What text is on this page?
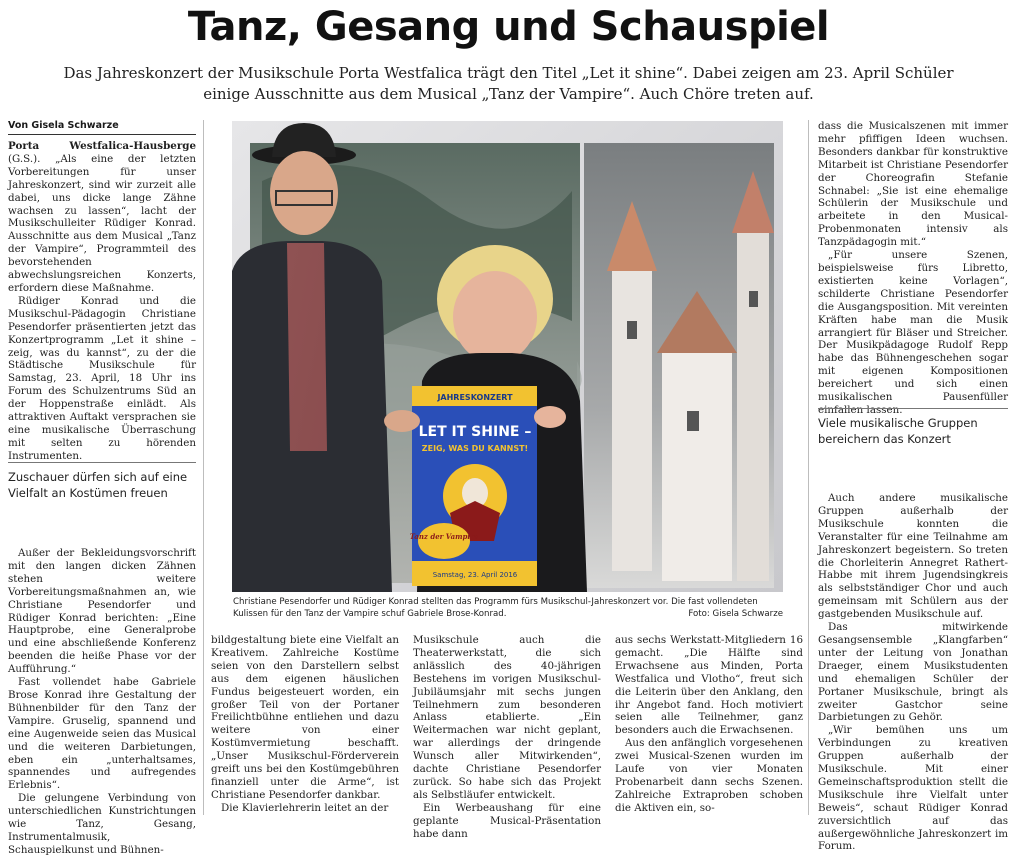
Tanz, Gesang und Schauspiel

Das Jahreskonzert der Musikschule Porta Westfalica trägt den Titel „Let it shine“. Dabei zeigen am 23. April Schüler einige Ausschnitte aus dem Musical „Tanz der Vampire“. Auch Chöre treten auf.

Von Gisela Schwarze

Porta Westfalica-Hausberge (G.S.). „Als eine der letzten Vorbereitungen für unser Jahreskonzert, sind wir zurzeit alle dabei, uns dicke lange Zähne wachsen zu lassen“, lacht der Musikschulleiter Rüdiger Konrad. Ausschnitte aus dem Musical „Tanz der Vampire“, Programmteil des bevorstehenden abwechslungsreichen Konzerts, erfordern diese Maßnahme.

Rüdiger Konrad und die Musikschul-Pädagogin Christiane Pesendorfer präsentierten jetzt das Konzertprogramm „Let it shine – zeig, was du kannst“, zu der die Städtische Musikschule für Samstag, 23. April, 18 Uhr ins Forum des Schulzentrums Süd an der Hoppenstraße einlädt. Als attraktiven Auftakt versprachen sie eine musikalische Überraschung mit selten zu hörenden Instrumenten.

Zuschauer dürfen sich auf eine Vielfalt an Kostümen freuen

Außer der Bekleidungsvorschrift mit den langen dicken Zähnen stehen weitere Vorbereitungsmaßnahmen an, wie Christiane Pesendorfer und Rüdiger Konrad berichten: „Eine Hauptprobe, eine Generalprobe und eine abschließende Konferenz beenden die heiße Phase vor der Aufführung.“

Fast vollendet habe Gabriele Brose Konrad ihre Gestaltung der Bühnenbilder für den Tanz der Vampire. Gruselig, spannend und eine Augenweide seien das Musical und die weiteren Darbietungen, eben ein „unterhaltsames, spannendes und aufregendes Erlebnis“.

Die gelungene Verbindung von unterschiedlichen Kunstrichtungen wie Tanz, Gesang, Instrumentalmusik, Schauspielkunst und Bühnen-

JAHRESKONZERT
LET IT SHINE –
ZEIG, WAS DU KANNST!
Tanz der Vampire
Samstag, 23. April 2016
Christiane Pesendorfer und Rüdiger Konrad stellten das Programm fürs Musikschul-Jahreskonzert vor. Die fast vollendeten Kulissen für den Tanz der Vampire schuf Gabriele Brose-Konrad.	Foto: Gisela Schwarze

bildgestaltung biete eine Vielfalt an Kreativem. Zahlreiche Kostüme seien von den Darstellern selbst aus dem eigenen häuslichen Fundus beigesteuert worden, ein großer Teil von der Portaner Freilichtbühne entliehen und dazu weitere von einer Kostümvermietung beschafft. „Unser Musikschul-Förderverein greift uns bei den Kostümgebühren finanziell unter die Arme“, ist Christiane Pesendorfer dankbar.

Die Klavierlehrerin leitet an der

Musikschule auch die Theaterwerkstatt, die sich anlässlich des 40-jährigen Bestehens im vorigen Musikschul-Jubiläumsjahr mit sechs jungen Teilnehmern zum besonderen Anlass etablierte. „Ein Weitermachen war nicht geplant, war allerdings der dringende Wunsch aller Mitwirkenden“, dachte Christiane Pesendorfer zurück. So habe sich das Projekt als Selbstläufer entwickelt.

Ein Werbeaushang für eine geplante Musical-Präsentation habe dann

aus sechs Werkstatt-Mitgliedern 16 gemacht. „Die Hälfte sind Erwachsene aus Minden, Porta Westfalica und Vlotho“, freut sich die Leiterin über den Anklang, den ihr Angebot fand. Hoch motiviert seien alle Teilnehmer, ganz besonders auch die Erwachsenen.

Aus den anfänglich vorgesehenen zwei Musical-Szenen wurden im Laufe von vier Monaten Probenarbeit dann sechs Szenen. Zahlreiche Extraproben schoben die Aktiven ein, so-

dass die Musicalszenen mit immer mehr pfiffigen Ideen wuchsen. Besonders dankbar für konstruktive Mitarbeit ist Christiane Pesendorfer der Choreografin Stefanie Schnabel: „Sie ist eine ehemalige Schülerin der Musikschule und arbeitete in den Musical-Probenmonaten intensiv als Tanzpädagogin mit.“

„Für unsere Szenen, beispielsweise fürs Libretto, existierten keine Vorlagen“, schilderte Christiane Pesendorfer die Ausgangsposition. Mit vereinten Kräften habe man die Musik arrangiert für Bläser und Streicher. Der Musikpädagoge Rudolf Repp habe das Bühnengeschehen sogar mit eigenen Kompositionen bereichert und sich einen musikalischen Pausenfüller einfallen lassen.

Viele musikalische Gruppen bereichern das Konzert

Auch andere musikalische Gruppen außerhalb der Musikschule konnten die Veranstalter für eine Teilnahme am Jahreskonzert begeistern. So treten die Chorleiterin Annegret Rathert-Habbe mit ihrem Jugendsingkreis als selbstständiger Chor und auch gemeinsam mit Schülern aus der gastgebenden Musikschule auf.

Das mitwirkende Gesangsensemble „Klangfarben“ unter der Leitung von Jonathan Draeger, einem Musikstudenten und ehemaligen Schüler der Portaner Musikschule, bringt als zweiter Gastchor seine Darbietungen zu Gehör.

„Wir bemühen uns um Verbindungen zu kreativen Gruppen außerhalb der Musikschule. Mit einer Gemeinschaftsproduktion stellt die Musikschule ihre Vielfalt unter Beweis“, schaut Rüdiger Konrad zuversichtlich auf das außergewöhnliche Jahreskonzert im Forum.
